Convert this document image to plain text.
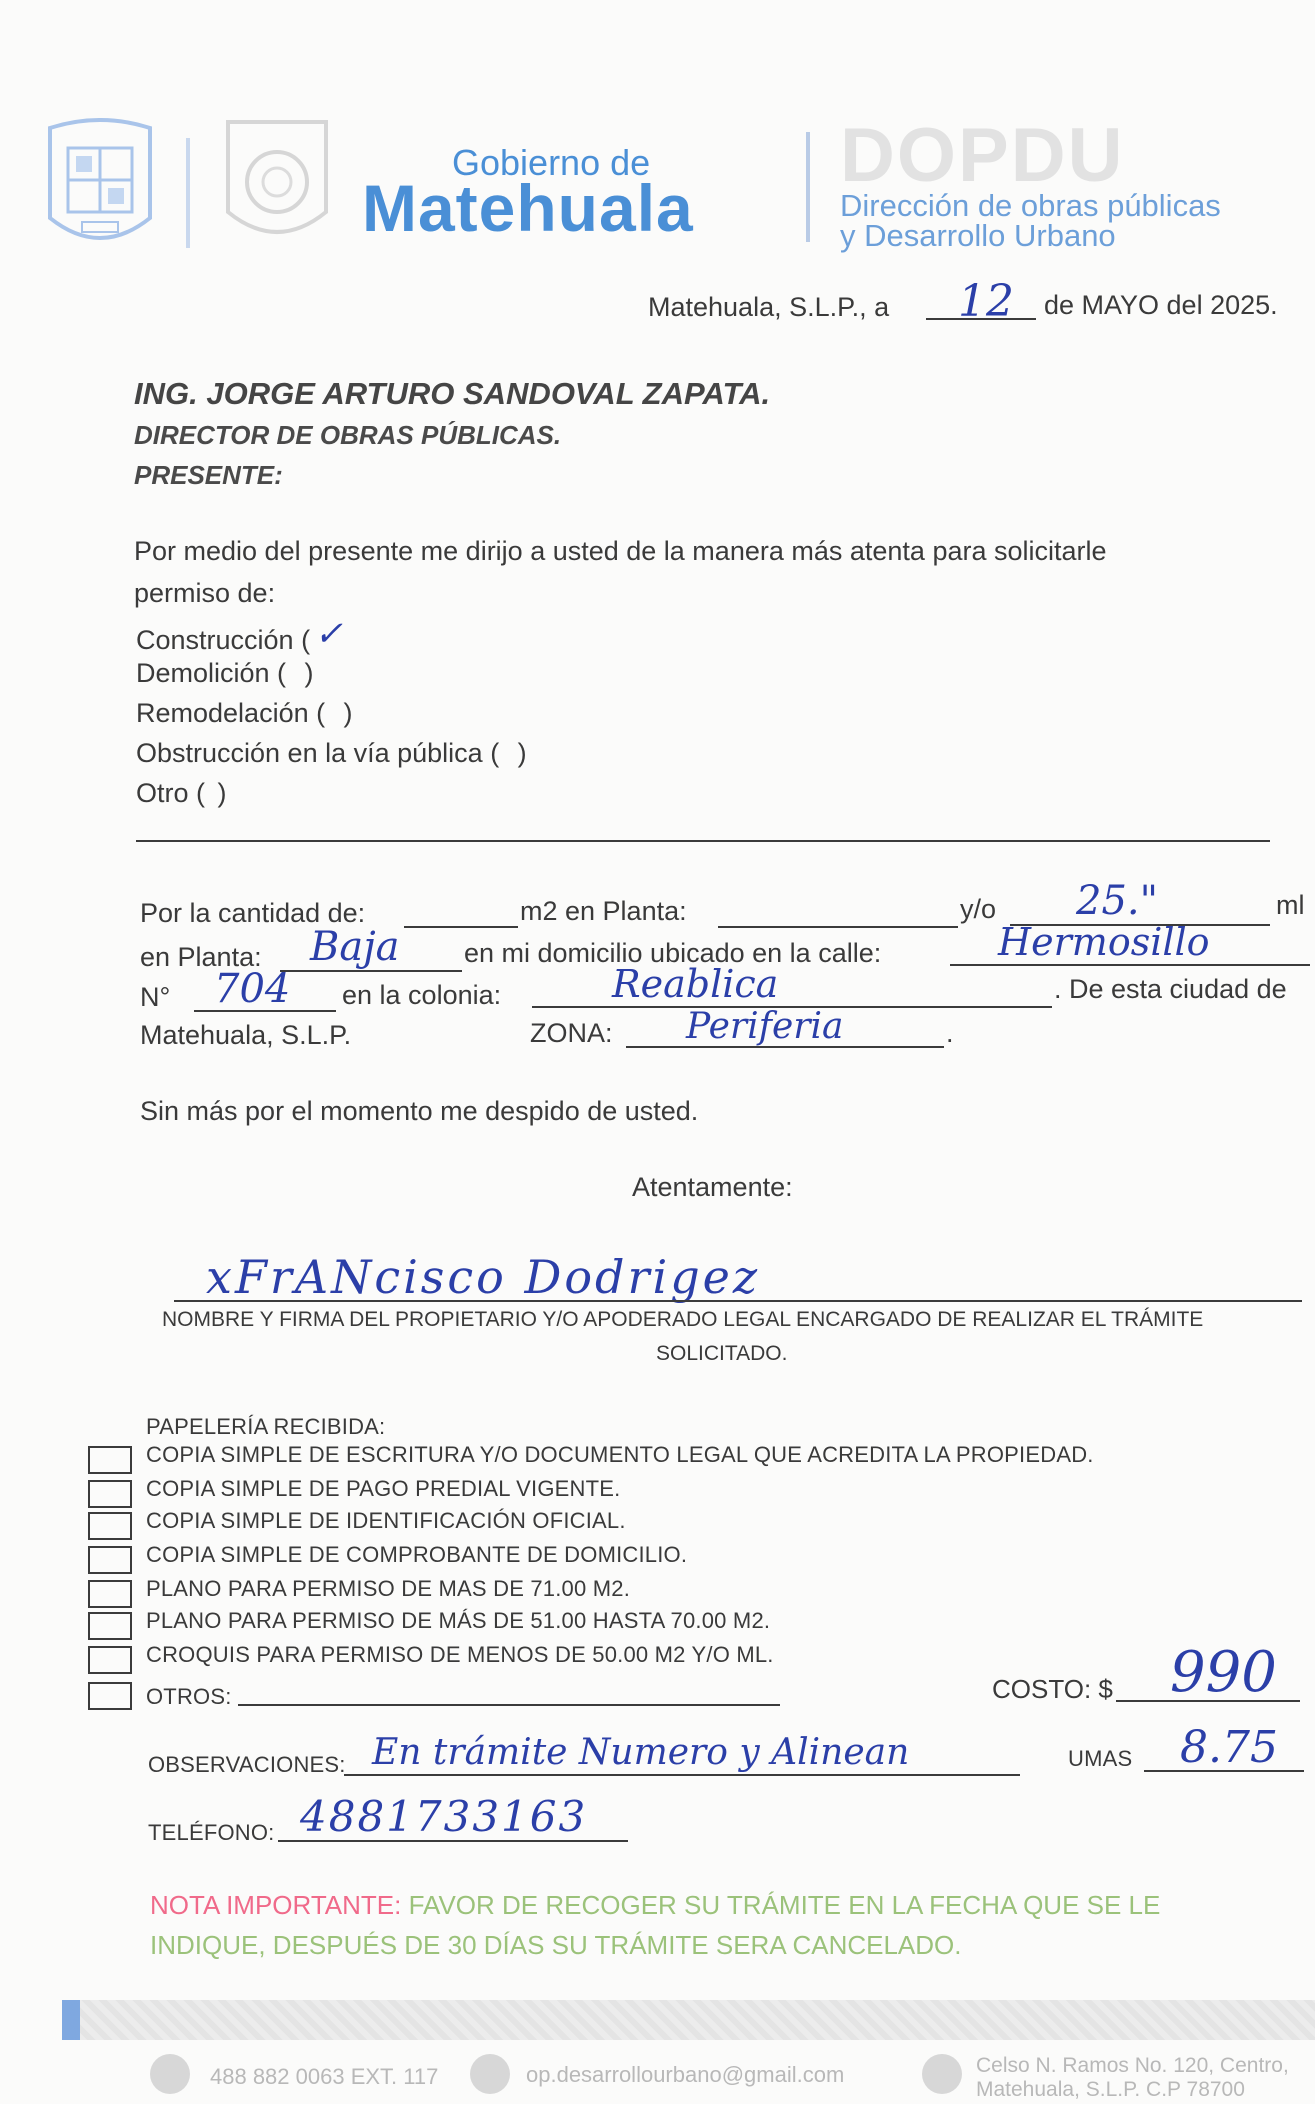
Gobierno de
Matehuala
DOPDU
Dirección de obras públicas
y Desarrollo Urbano
Matehuala, S.L.P., a 12 de MAYO del 2025.
ING. JORGE ARTURO SANDOVAL ZAPATA.
DIRECTOR DE OBRAS PÚBLICAS.
PRESENTE:
Por medio del presente me dirijo a usted de la manera más atenta para solicitarle
permiso de:
Construcción ( ✓
Demolición ( )
Remodelación ( )
Obstrucción en la vía pública ( )
Otro ( )
Por la cantidad de:	m2 en Planta:	y/o 25."	ml
en Planta: Baja en mi domicilio ubicado en la calle:	Hermosillo
N° 704 en la colonia:	Reablica	. De esta ciudad de
Matehuala, S.L.P.	ZONA: Periferia	.
Sin más por el momento me despido de usted.
Atentamente:
xFrANcisco Dodrigez
NOMBRE Y FIRMA DEL PROPIETARIO Y/O APODERADO LEGAL ENCARGADO DE REALIZAR EL TRÁMITE
SOLICITADO.
PAPELERÍA RECIBIDA:
COPIA SIMPLE DE ESCRITURA Y/O DOCUMENTO LEGAL QUE ACREDITA LA PROPIEDAD.
COPIA SIMPLE DE PAGO PREDIAL VIGENTE.
COPIA SIMPLE DE IDENTIFICACIÓN OFICIAL.
COPIA SIMPLE DE COMPROBANTE DE DOMICILIO.
PLANO PARA PERMISO DE MAS DE 71.00 M2.
PLANO PARA PERMISO DE MÁS DE 51.00 HASTA 70.00 M2.
CROQUIS PARA PERMISO DE MENOS DE 50.00 M2 Y/O ML.
OTROS:	COSTO: $ 990
OBSERVACIONES: En trámite Numero y Alinean	UMAS 8.75
TELÉFONO: 4881733163
NOTA IMPORTANTE: FAVOR DE RECOGER SU TRÁMITE EN LA FECHA QUE SE LE
INDIQUE, DESPUÉS DE 30 DÍAS SU TRÁMITE SERA CANCELADO.
488 882 0063 EXT. 117	op.desarrollourbano@gmail.com	Celso N. Ramos No. 120, Centro,
Matehuala, S.L.P. C.P 78700
